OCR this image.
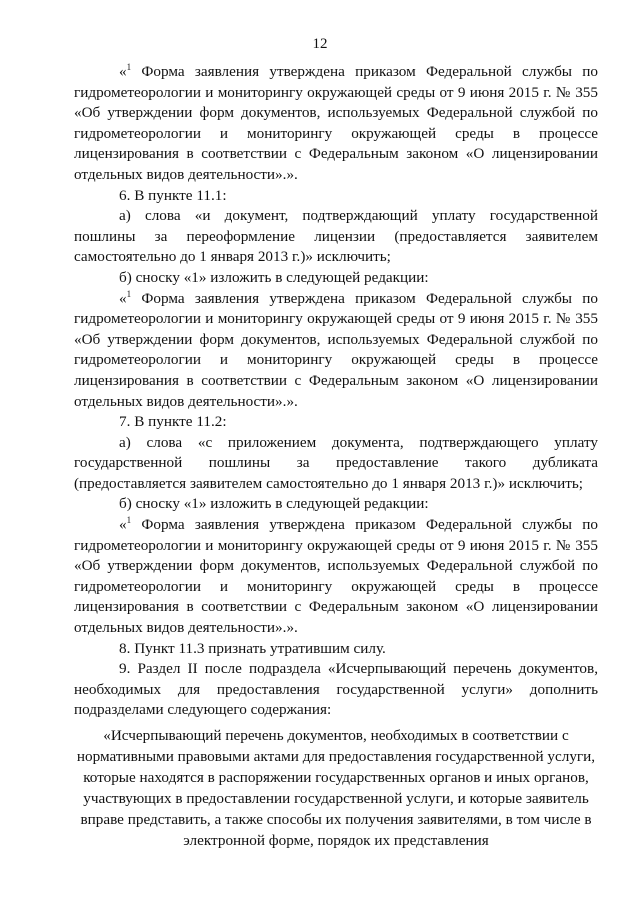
12

«$^1$ Форма заявления утверждена приказом Федеральной службы по гидрометеорологии и мониторингу окружающей среды от 9 июня 2015 г. № 355 «Об утверждении форм документов, используемых Федеральной службой по гидрометеорологии и мониторингу окружающей среды в процессе лицензирования в соответствии с Федеральным законом «О лицензировании отдельных видов деятельности».».

6. В пункте 11.1:

а) слова «и документ, подтверждающий уплату государственной пошлины за переоформление лицензии (предоставляется заявителем самостоятельно до 1 января 2013 г.)» исключить;

б) сноску «1» изложить в следующей редакции:

«$^1$ Форма заявления утверждена приказом Федеральной службы по гидрометеорологии и мониторингу окружающей среды от 9 июня 2015 г. № 355 «Об утверждении форм документов, используемых Федеральной службой по гидрометеорологии и мониторингу окружающей среды в процессе лицензирования в соответствии с Федеральным законом «О лицензировании отдельных видов деятельности».».

7. В пункте 11.2:

а) слова «с приложением документа, подтверждающего уплату государственной пошлины за предоставление такого дубликата (предоставляется заявителем самостоятельно до 1 января 2013 г.)» исключить;

б) сноску «1» изложить в следующей редакции:

«$^1$ Форма заявления утверждена приказом Федеральной службы по гидрометеорологии и мониторингу окружающей среды от 9 июня 2015 г. № 355 «Об утверждении форм документов, используемых Федеральной службой по гидрометеорологии и мониторингу окружающей среды в процессе лицензирования в соответствии с Федеральным законом «О лицензировании отдельных видов деятельности».».

8. Пункт 11.3 признать утратившим силу.

9. Раздел II после подраздела «Исчерпывающий перечень документов, необходимых для предоставления государственной услуги» дополнить подразделами следующего содержания:

«Исчерпывающий перечень документов, необходимых в соответствии с нормативными правовыми актами для предоставления государственной услуги, которые находятся в распоряжении государственных органов и иных органов, участвующих в предоставлении государственной услуги, и которые заявитель вправе представить, а также способы их получения заявителями, в том числе в электронной форме, порядок их представления
